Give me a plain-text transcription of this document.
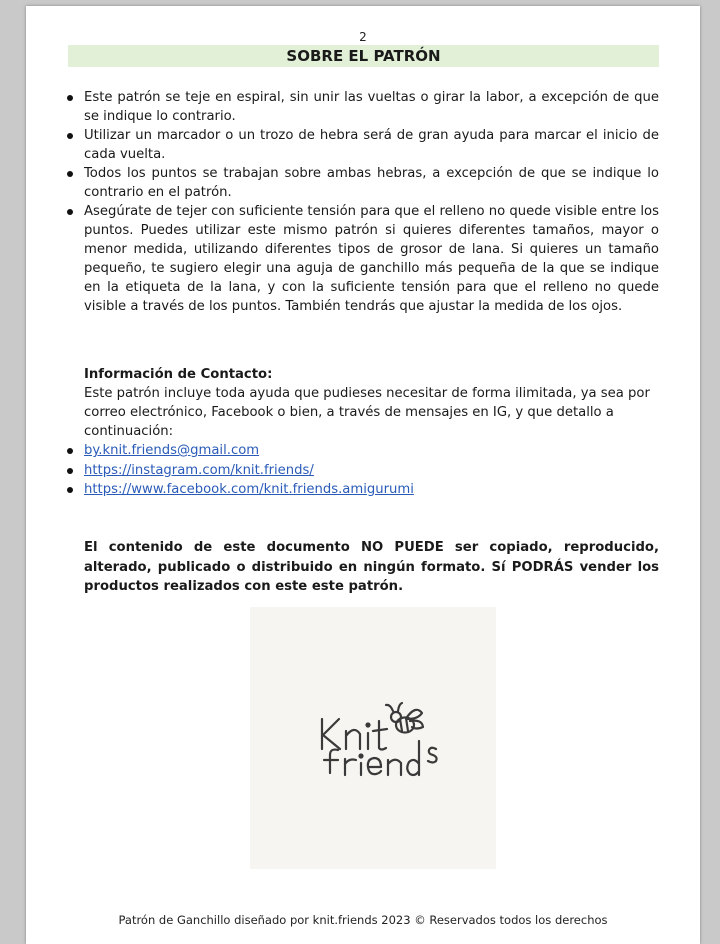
2
SOBRE EL PATRÓN
Este patrón se teje en espiral, sin unir las vueltas o girar la labor, a excepción de que se indique lo contrario.
Utilizar un marcador o un trozo de hebra será de gran ayuda para marcar el inicio de cada vuelta.
Todos los puntos se trabajan sobre ambas hebras, a excepción de que se indique lo contrario en el patrón.
Asegúrate de tejer con suficiente tensión para que el relleno no quede visible entre los puntos. Puedes utilizar este mismo patrón si quieres diferentes tamaños, mayor o menor medida, utilizando diferentes tipos de grosor de lana. Si quieres un tamaño pequeño, te sugiero elegir una aguja de ganchillo más pequeña de la que se indique en la etiqueta de la lana, y con la suficiente tensión para que el relleno no quede visible a través de los puntos. También tendrás que ajustar la medida de los ojos.
Información de Contacto:
Este patrón incluye toda ayuda que pudieses necesitar de forma ilimitada, ya sea por correo electrónico, Facebook o bien, a través de mensajes en IG, y que detallo a continuación:
by.knit.friends@gmail.com
https://instagram.com/knit.friends/
https://www.facebook.com/knit.friends.amigurumi
El contenido de este documento NO PUEDE ser copiado, reproducido, alterado, publicado o distribuido en ningún formato. Sí PODRÁS vender los productos realizados con este este patrón.
Patrón de Ganchillo diseñado por knit.friends 2023 © Reservados todos los derechos
